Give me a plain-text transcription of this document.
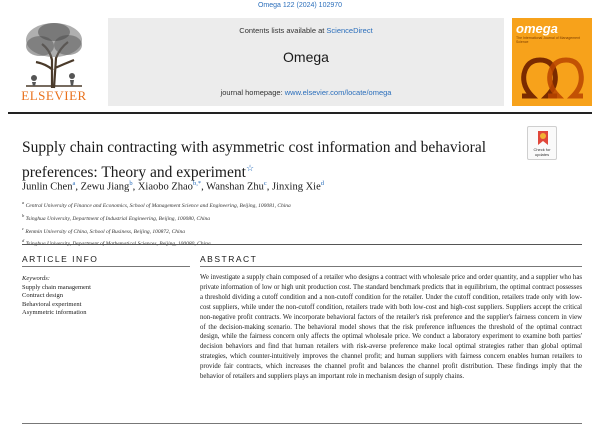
Omega 122 (2024) 102970
ELSEVIER
Contents lists available at ScienceDirect
Omega
journal homepage: www.elsevier.com/locate/omega
omega
The International Journal of Management Science
Supply chain contracting with asymmetric cost information and behavioral preferences: Theory and experiment☆
Check for updates
Junlin Chen$^a$, Zewu Jiang$^b$, Xiaobo Zhao$^{b,*}$, Wanshan Zhu$^c$, Jinxing Xie$^d$
$^a$ Central University of Finance and Economics, School of Management Science and Engineering, Beijing, 100081, China
$^b$ Tsinghua University, Department of Industrial Engineering, Beijing, 100080, China
$^c$ Renmin University of China, School of Business, Beijing, 100872, China
$^d$
ARTICLE INFO	ABSTRACT
Keywords:
Supply chain management
Contract design
Behavioral experiment
Asymmetric information
We investigate a supply chain composed of a retailer who designs a contract with wholesale price and order quantity, and a supplier who has private information of low or high unit production cost. The standard benchmark predicts that in equilibrium, the optimal contract possesses a threshold dividing a cutoff condition and a non-cutoff condition for the retailer. Under the cutoff condition, retailers trade only with low-cost suppliers, while under the non-cutoff condition, retailers trade with both low-cost and high-cost suppliers. Suppliers accept the critical non-negative profit contracts. We incorporate behavioral factors of the retailer's risk preference and the supplier's fairness concern in view of the decision-making scenario. The behavioral model shows that the risk preference influences the threshold of the optimal contract design, while the fairness concern only affects the optimal wholesale price. We conduct a laboratory experiment to examine both parties' decision behaviors and find that human retailers with risk-averse preference make local optimal strategies rather than global optimal strategies, which counter-intuitively improves the channel profit; and human suppliers with fairness concern enables human retailers to provide fair contracts, which increases the channel profit and balances the channel profit distribution. These findings imply that the behavior of retailers and suppliers plays an important role in mechanism design of supply chains.
